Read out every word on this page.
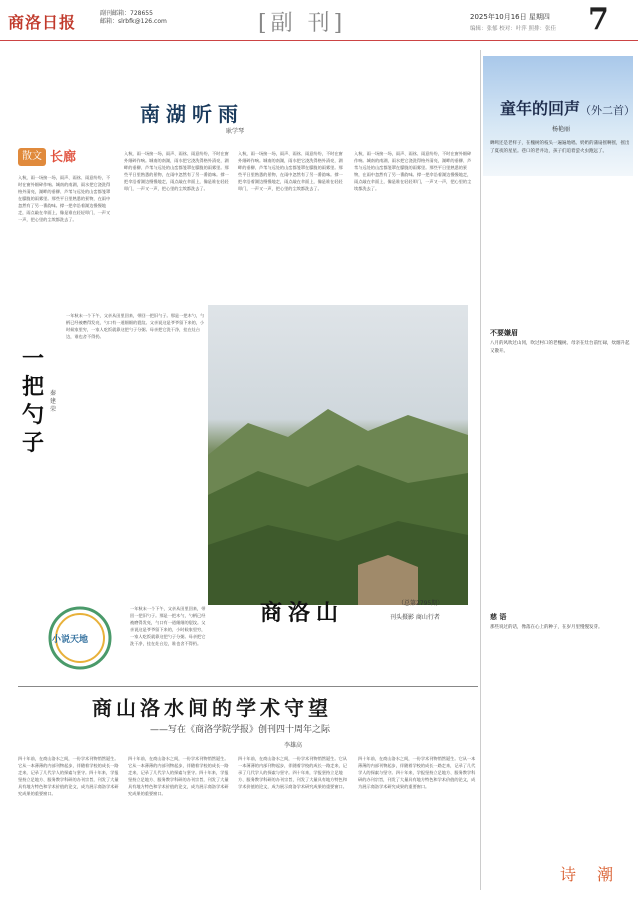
商洛日报	副刊邮箱：728655
邮箱：slrbfk@126.com	[副 刊]	2025年10月16日 星期四
编辑：张郁 校对：叶萍 照排：张佳 7
南湖听雨
耿学琴
散文 长廊
入秋，雨一场接一场，雨声、雨丝、雨意纷纷，不时在窗外细碎作响。城南的南湖，雨水把它浇洗得格外清亮，湖畔的垂柳、芦苇与远处的山峦都笼罩在朦胧的雨雾里。那些平日里熟悉的景物，在雨中忽然有了另一番韵味。撑一把伞沿着湖边慢慢地走，雨点敲在伞面上，像是谁在轻轻叩门，一声又一声，把心里的尘埃都洗去了。
入秋，雨一场接一场，雨声、雨丝、雨意纷纷，不时在窗外细碎作响。城南的南湖，雨水把它浇洗得格外清亮，湖畔的垂柳、芦苇与远处的山峦都笼罩在朦胧的雨雾里。那些平日里熟悉的景物，在雨中忽然有了另一番韵味。撑一把伞沿着湖边慢慢地走，雨点敲在伞面上，像是谁在轻轻叩门，一声又一声，把心里的尘埃都洗去了。
入秋，雨一场接一场，雨声、雨丝、雨意纷纷，不时在窗外细碎作响。城南的南湖，雨水把它浇洗得格外清亮，湖畔的垂柳、芦苇与远处的山峦都笼罩在朦胧的雨雾里。那些平日里熟悉的景物，在雨中忽然有了另一番韵味。撑一把伞沿着湖边慢慢地走，雨点敲在伞面上，像是谁在轻轻叩门，一声又一声，把心里的尘埃都洗去了。
入秋，雨一场接一场，雨声、雨丝、雨意纷纷，不时在窗外细碎作响。城南的南湖，雨水把它浇洗得格外清亮，湖畔的垂柳、芦苇与远处的山峦都笼罩在朦胧的雨雾里。那些平日里熟悉的景物，在雨中忽然有了另一番韵味。撑一把伞沿着湖边慢慢地走，雨点敲在伞面上，像是谁在轻轻叩门，一声又一声，把心里的尘埃都洗去了。
童年的回声（外二首）
杨艳丽
蝉鸣还是老样子，在槐树的枝头一遍遍地唱。奶奶的蒲扇摇啊摇，摇出了夏夜的星星。巷口的老井边，孩子们追着萤火虫跑远了。
不要嫌眉
八月的风吹过山冈，吹过村口的老槐树。母亲在灶台前忙碌，炊烟升起又散开。
慈 语
那些说过的话，像落在心上的种子，在岁月里慢慢发芽。
诗 潮
一把勺子
秦建荣
一年秋末一个下午，父亲从田里回来，带回一把旧勺子。那是一把木勺，勺柄已经被磨得发亮，勺口有一道细细的裂纹。父亲说这是爷爷留下来的，小时候家里穷，一家人吃饭就靠这把勺子分粥。母亲把它洗干净，挂在灶台边，谁也舍不得扔。
一年秋末一个下午，父亲从田里回来，带回一把旧勺子。那是一把木勺，勺柄已经被磨得发亮，勺口有一道细细的裂纹。父亲说这是爷爷留下来的，小时候家里穷，一家人吃饭就靠这把勺子分粥。母亲把它洗干净，挂在灶台边，谁也舍不得扔。
小说天地
商洛山	（总第2795期）
刊头摄影 商山行者
商山洛水间的学术守望
——写在《商洛学院学报》创刊四十周年之际
李雄高
四十年前，在商山洛水之间，一份学术刊物悄然诞生。它从一本薄薄的内部刊物起步，伴随着学校的成长一路走来，记录了几代学人的探索与坚守。四十年来，学报坚持立足地方、服务教学科研的办刊宗旨，刊发了大量具有地方特色和学术价值的论文，成为展示商洛学术研究成果的重要窗口。
四十年前，在商山洛水之间，一份学术刊物悄然诞生。它从一本薄薄的内部刊物起步，伴随着学校的成长一路走来，记录了几代学人的探索与坚守。四十年来，学报坚持立足地方、服务教学科研的办刊宗旨，刊发了大量具有地方特色和学术价值的论文，成为展示商洛学术研究成果的重要窗口。
四十年前，在商山洛水之间，一份学术刊物悄然诞生。它从一本薄薄的内部刊物起步，伴随着学校的成长一路走来，记录了几代学人的探索与坚守。四十年来，学报坚持立足地方、服务教学科研的办刊宗旨，刊发了大量具有地方特色和学术价值的论文，成为展示商洛学术研究成果的重要窗口。
四十年前，在商山洛水之间，一份学术刊物悄然诞生。它从一本薄薄的内部刊物起步，伴随着学校的成长一路走来，记录了几代学人的探索与坚守。四十年来，学报坚持立足地方、服务教学科研的办刊宗旨，刊发了大量具有地方特色和学术价值的论文，成为展示商洛学术研究成果的重要窗口。
